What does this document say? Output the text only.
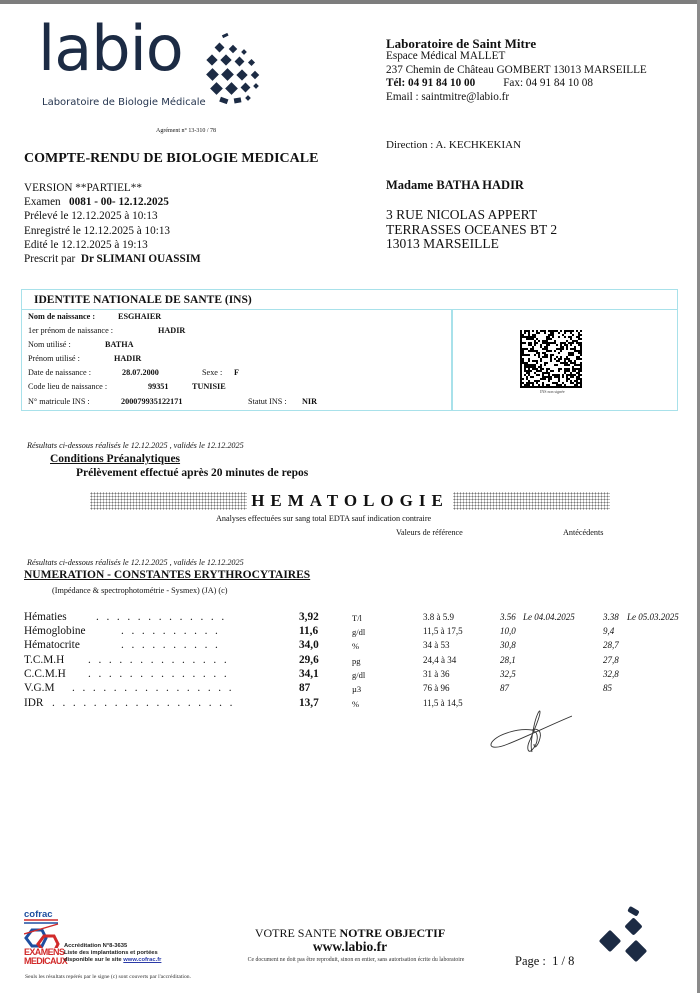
labio
Laboratoire de Biologie Médicale
Agrément n° 13-310 / 78
Laboratoire de Saint Mitre
Espace Médical MALLET
237 Chemin de Château GOMBERT 13013 MARSEILLE
Tél: 04 91 84 10 00	Fax: 04 91 84 10 08
Email : saintmitre@labio.fr
Direction : A. KECHKEKIAN
COMPTE-RENDU DE BIOLOGIE MEDICALE
VERSION **PARTIEL**
Examen 0081 - 00- 12.12.2025
Prélevé le 12.12.2025 à 10:13
Enregistré le 12.12.2025 à 10:13
Edité le 12.12.2025 à 19:13
Prescrit par Dr SLIMANI OUASSIM
Madame BATHA HADIR
3 RUE NICOLAS APPERT
TERRASSES OCEANES BT 2
13013 MARSEILLE
IDENTITE NATIONALE DE SANTE (INS)
Nom de naissance :	ESGHAIER
1er prénom de naissance :	HADIR
Nom utilisé :	BATHA
Prénom utilisé :	HADIR
Date de naissance :	28.07.2000	Sexe : F
Code lieu de naissance :	99351	TUNISIE
N° matricule INS :	200079935122171	Statut INS : NIR
INS non signée
Résultats ci-dessous réalisés le 12.12.2025 , validés le 12.12.2025
Conditions Préanalytiques
Prélèvement effectué après 20 minutes de repos
HEMATOLOGIE
Analyses effectuées sur sang total EDTA sauf indication contraire
Valeurs de référence	Antécédents
Résultats ci-dessous réalisés le 12.12.2025 , validés le 12.12.2025
NUMERATION - CONSTANTES ERYTHROCYTAIRES
(Impédance & spectrophotométrie - Sysmex) (JA) (c)
Hématies	. . . . . . . . . . . . .	3,92	T/l	3.8 à 5.9	3.56 Le 04.04.2025	3.38 Le 05.03.2025
Hémoglobine	. . . . . . . . . .	11,6	g/dl	11,5 à 17,5	10,0	9,4
Hématocrite	. . . . . . . . . .	34,0	%	34 à 53	30,8	28,7
T.C.M.H . . . . . . . . . . . . . .	29,6	pg	24,4 à 34	28,1	27,8
C.C.M.H . . . . . . . . . . . . . .	34,1	g/dl	31 à 36	32,5	32,8
V.G.M . . . . . . . . . . . . . . . .	87	µ3	76 à 96	87	85
IDR . . . . . . . . . . . . . . . . . .	13,7	%	11,5 à 14,5
cofrac
EXAMENS
MEDICAUX
Accréditation N°8-3635
Liste des implantations et portées
disponible sur le site www.cofrac.fr
Seuls les résultats repérés par le signe (c) sont couverts par l'accréditation.
VOTRE SANTE NOTRE OBJECTIF
www.labio.fr
Ce document ne doit pas être reproduit, sinon en entier, sans autorisation écrite du laboratoire	Page : 1 / 8
